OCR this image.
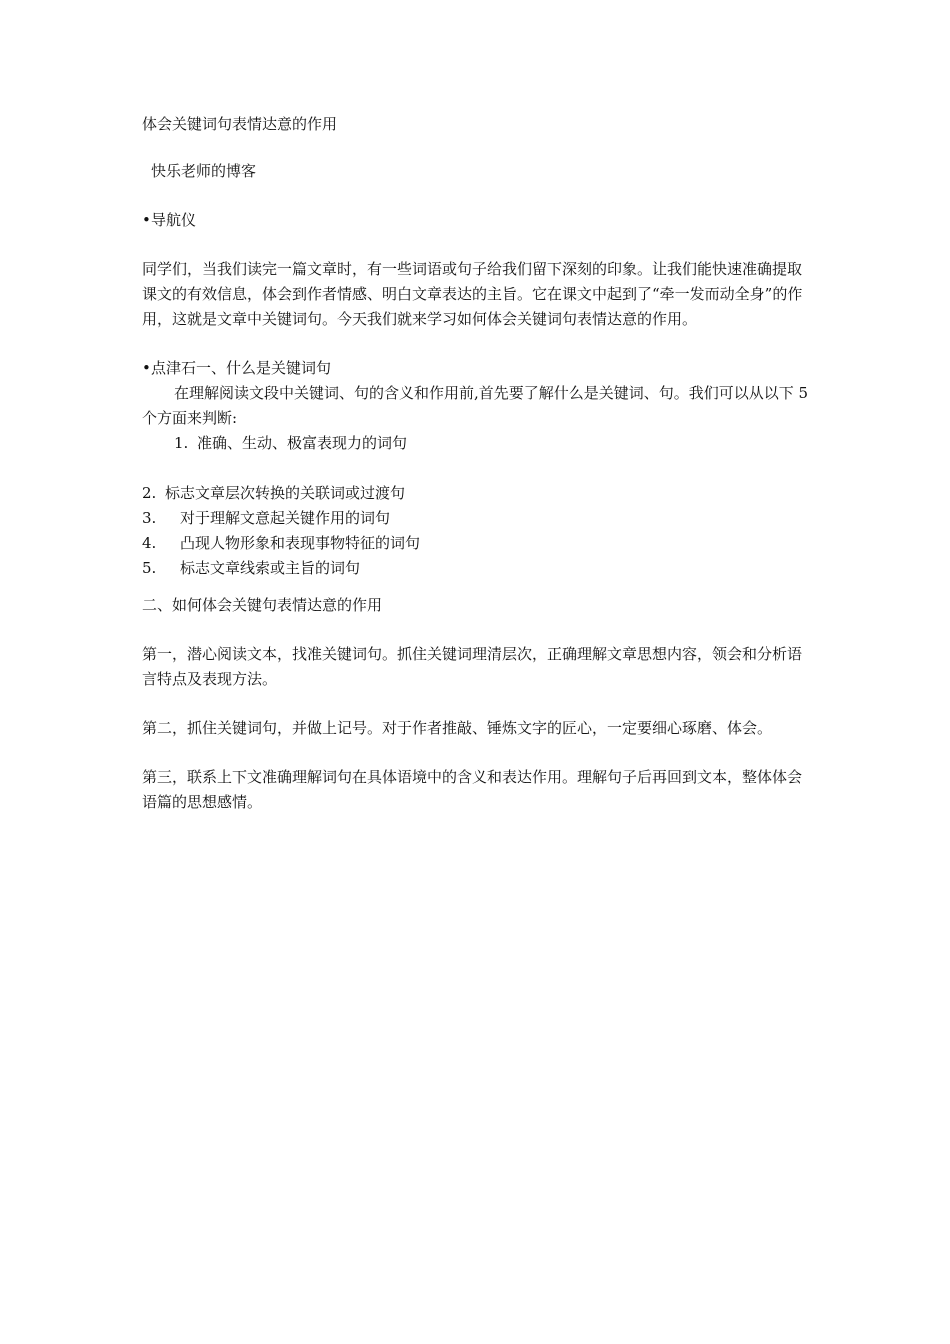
体会关键词句表情达意的作用

快乐老师的博客

•导航仪

同学们，当我们读完一篇文章时，有一些词语或句子给我们留下深刻的印象。让我们能快速准确提取课文的有效信息，体会到作者情感、明白文章表达的主旨。它在课文中起到了“牵一发而动全身”的作用，这就是文章中关键词句。今天我们就来学习如何体会关键词句表情达意的作用。

•点津石一、什么是关键词句

在理解阅读文段中关键词、句的含义和作用前,首先要了解什么是关键词、句。我们可以从以下 5 个方面来判断:

1. 准确、生动、极富表现力的词句

2. 标志文章层次转换的关联词或过渡句

3. 对于理解文意起关键作用的词句

4. 凸现人物形象和表现事物特征的词句

5. 标志文章线索或主旨的词句

二、如何体会关键句表情达意的作用

第一，潜心阅读文本，找准关键词句。抓住关键词理清层次，正确理解文章思想内容，领会和分析语言特点及表现方法。

第二，抓住关键词句，并做上记号。对于作者推敲、锤炼文字的匠心，一定要细心琢磨、体会。

第三，联系上下文准确理解词句在具体语境中的含义和表达作用。理解句子后再回到文本，整体体会语篇的思想感情。
